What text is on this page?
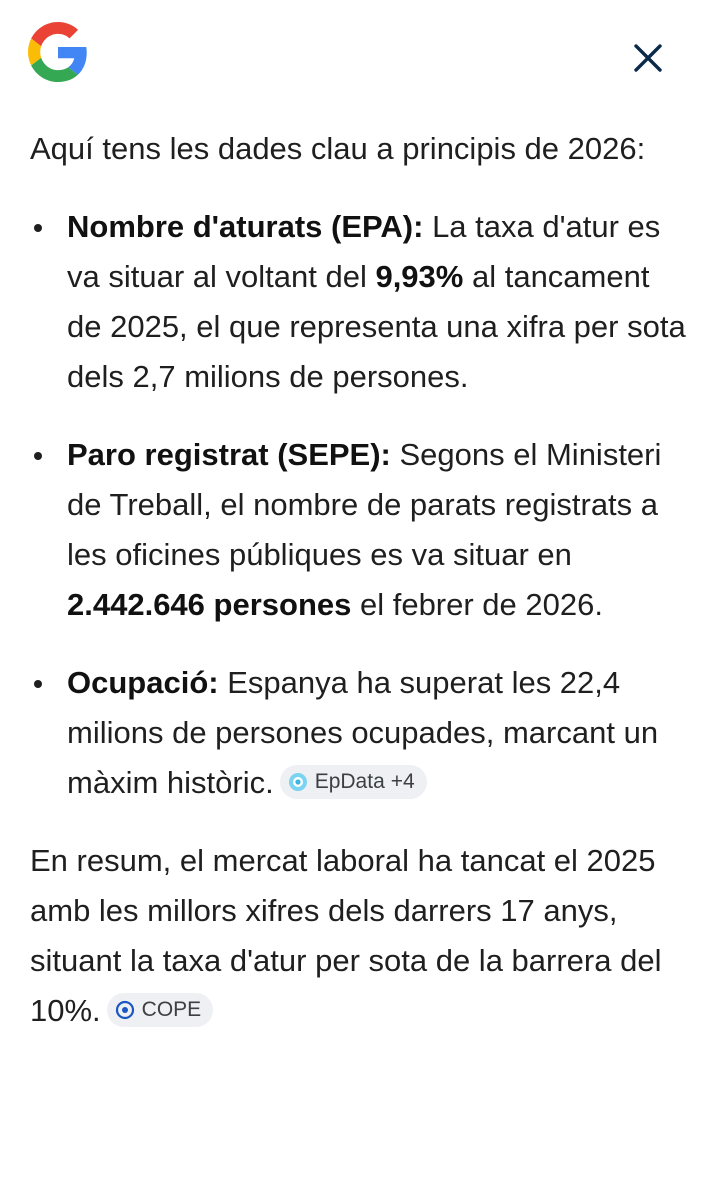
Aquí tens les dades clau a principis de 2026:

Nombre d'aturats (EPA): La taxa d'atur es va situar al voltant del 9,93% al tancament de 2025, el que representa una xifra per sota dels 2,7 milions de persones.
Paro registrat (SEPE): Segons el Ministeri de Treball, el nombre de parats registrats a les oficines públiques es va situar en 2.442.646 persones el febrer de 2026.
Ocupació: Espanya ha superat les 22,4 milions de persones ocupades, marcant un màxim històric. EpData +4

En resum, el mercat laboral ha tancat el 2025 amb les millors xifres dels darrers 17 anys, situant la taxa d'atur per sota de la barrera del 10%. COPE
